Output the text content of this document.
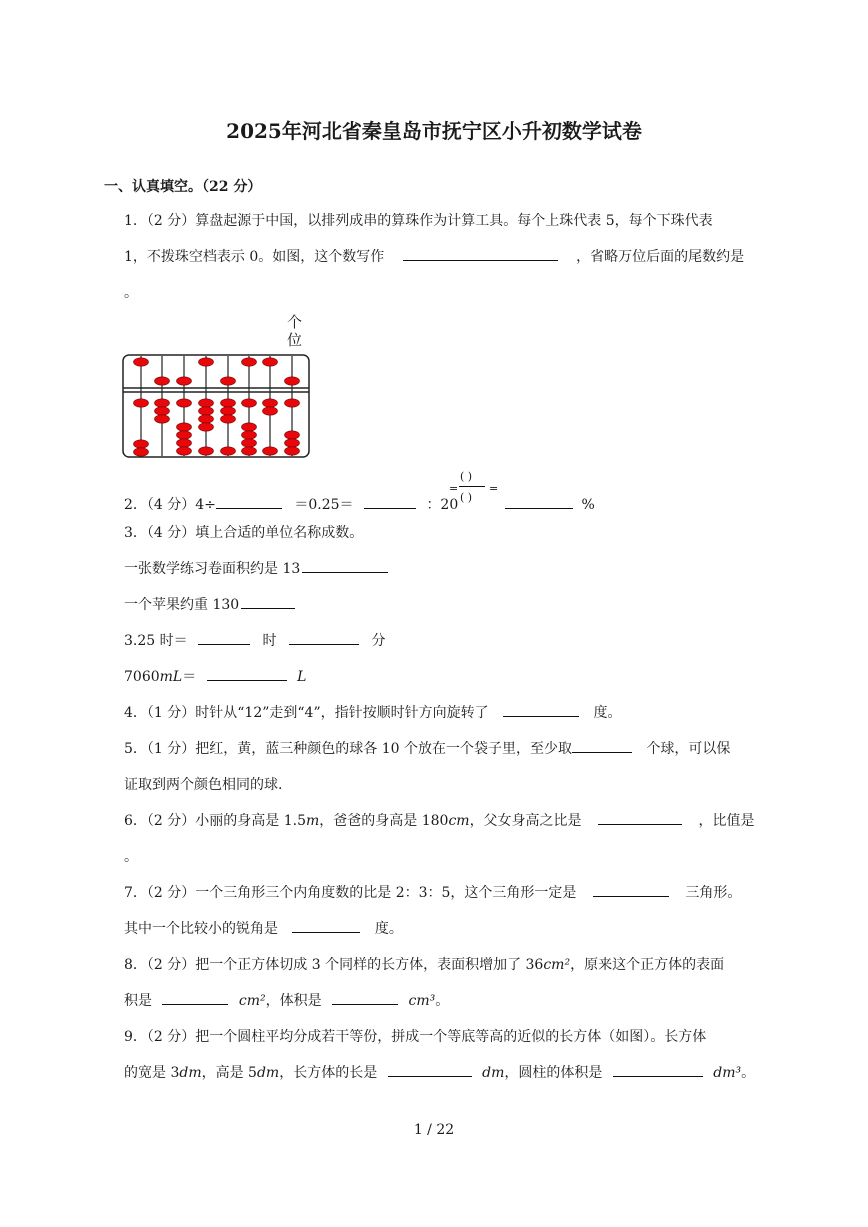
2025年河北省秦皇岛市抚宁区小升初数学试卷
一、认真填空。（22 分）
1．（2 分）算盘起源于中国，以排列成串的算珠作为计算工具。每个上珠代表 5，每个下珠代表
1，不拨珠空档表示 0。如图，这个数写作	，省略万位后面的尾数约是
。
个
位
2．（4 分）4÷	＝0.25＝	：20
=
( )
( )
=
%
3．（4 分）填上合适的单位名称成数。
一张数学练习卷面积约是 13
一个苹果约重 130
3.25 时＝	时	分
7060mL＝	L
4．（1 分）时针从“12”走到“4”，指针按顺时针方向旋转了	度。
5．（1 分）把红，黄，蓝三种颜色的球各 10 个放在一个袋子里，至少取	个球，可以保
证取到两个颜色相同的球.
6．（2 分）小丽的身高是 1.5m，爸爸的身高是 180cm，父女身高之比是	，比值是
。
7．（2 分）一个三角形三个内角度数的比是 2：3：5，这个三角形一定是	三角形。
其中一个比较小的锐角是	度。
8．（2 分）把一个正方体切成 3 个同样的长方体，表面积增加了 36cm²，原来这个正方体的表面
积是	cm²，体积是	cm³。
9．（2 分）把一个圆柱平均分成若干等份，拼成一个等底等高的近似的长方体（如图）。长方体
的宽是 3dm，高是 5dm，长方体的长是	dm，圆柱的体积是	dm³。
1 / 22
